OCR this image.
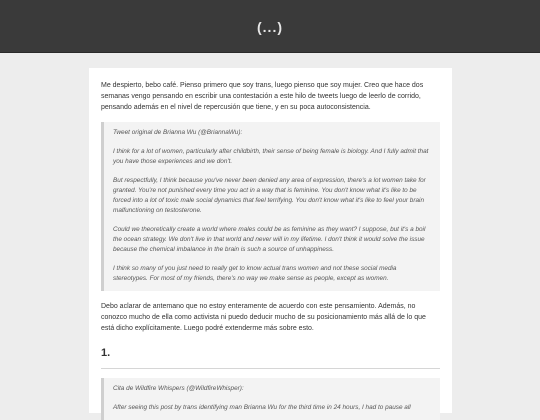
(...)

Me despierto, bebo café. Pienso primero que soy trans, luego pienso que soy mujer. Creo que hace dos semanas vengo pensando en escribir una contestación a este hilo de tweets luego de leerlo de corrido, pensando además en el nivel de repercusión que tiene, y en su poca autoconsistencia.

Tweet original de Brianna Wu (@BriannaWu):

I think for a lot of women, particularly after childbirth, their sense of being female is biology. And I fully admit that you have those experiences and we don't.

But respectfully, I think because you've never been denied any area of expression, there's a lot women take for granted. You're not punished every time you act in a way that is feminine. You don't know what it's like to be forced into a lot of toxic male social dynamics that feel terrifying. You don't know what it's like to feel your brain malfunctioning on testosterone.

Could we theoretically create a world where males could be as feminine as they want? I suppose, but it's a boil the ocean strategy. We don't live in that world and never will in my lifetime. I don't think it would solve the issue because the chemical imbalance in the brain is such a source of unhappiness.

I think so many of you just need to really get to know actual trans women and not these social media stereotypes. For most of my friends, there's no way we make sense as people, except as women.

Debo aclarar de antemano que no estoy enteramente de acuerdo con este pensamiento. Además, no conozco mucho de ella como activista ni puedo deducir mucho de su posicionamiento más allá de lo que está dicho explícitamente. Luego podré extenderme más sobre esto.

1.

Cita de Wildfire Whispers (@WildfireWhisper):

After seeing this post by trans identifying man Brianna Wu for the third time in 24 hours, I had to pause all
